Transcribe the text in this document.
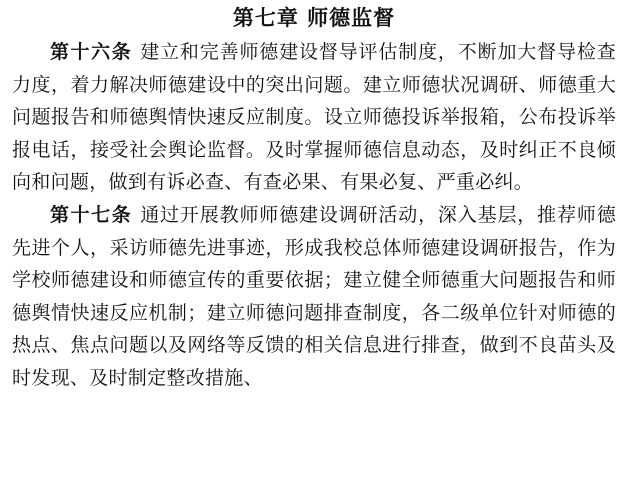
第七章 师德监督

第十六条 建立和完善师德建设督导评估制度，不断加大督导检查力度，着力解决师德建设中的突出问题。建立师德状况调研、师德重大问题报告和师德舆情快速反应制度。设立师德投诉举报箱，公布投诉举报电话，接受社会舆论监督。及时掌握师德信息动态，及时纠正不良倾向和问题，做到有诉必查、有查必果、有果必复、严重必纠。

第十七条 通过开展教师师德建设调研活动，深入基层，推荐师德先进个人，采访师德先进事迹，形成我校总体师德建设调研报告，作为学校师德建设和师德宣传的重要依据；建立健全师德重大问题报告和师德舆情快速反应机制；建立师德问题排查制度，各二级单位针对师德的热点、焦点问题以及网络等反馈的相关信息进行排查，做到不良苗头及时发现、及时制定整改措施、
